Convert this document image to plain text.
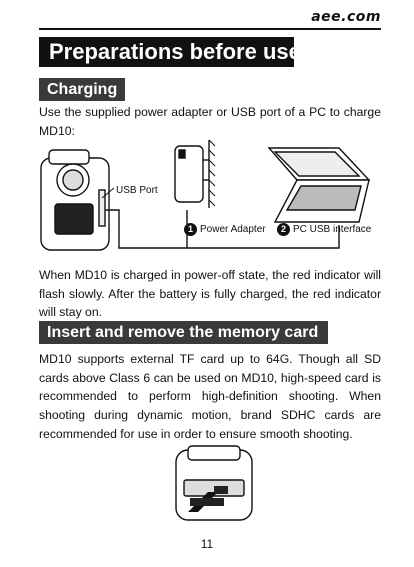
aee.com
Preparations before use
Charging
Use the supplied power adapter or USB port of a PC to charge MD10:
USB Port
1 Power Adapter	2 PC USB interface
When MD10 is charged in power-off state, the red indicator will flash slowly. After the battery is fully charged, the red indicator will stay on.
Insert and remove the memory card
MD10 supports external TF card up to 64G. Though all SD cards above Class 6 can be used on MD10, high-speed card is recommended to perform high-definition shooting. When shooting during dynamic motion, brand SDHC cards are recommended for use in order to ensure smooth shooting.
11
